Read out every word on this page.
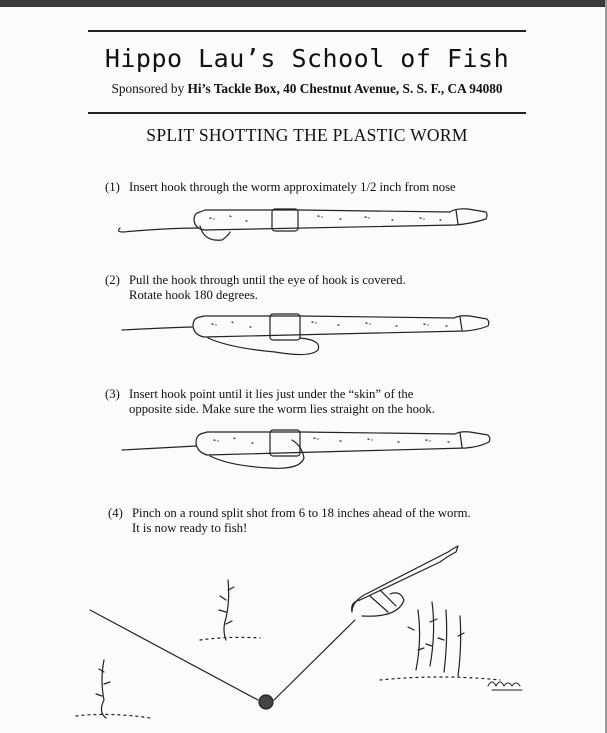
Hippo Lau’s School of Fish
Sponsored by Hi’s Tackle Box, 40 Chestnut Avenue, S. S. F., CA 94080
SPLIT SHOTTING THE PLASTIC WORM
(1) Insert hook through the worm approximately 1/2 inch from nose
(2) Pull the hook through until the eye of hook is covered.
Rotate hook 180 degrees.
(3) Insert hook point until it lies just under the “skin” of the
opposite side. Make sure the worm lies straight on the hook.
(4) Pinch on a round split shot from 6 to 18 inches ahead of the worm.
It is now ready to fish!
